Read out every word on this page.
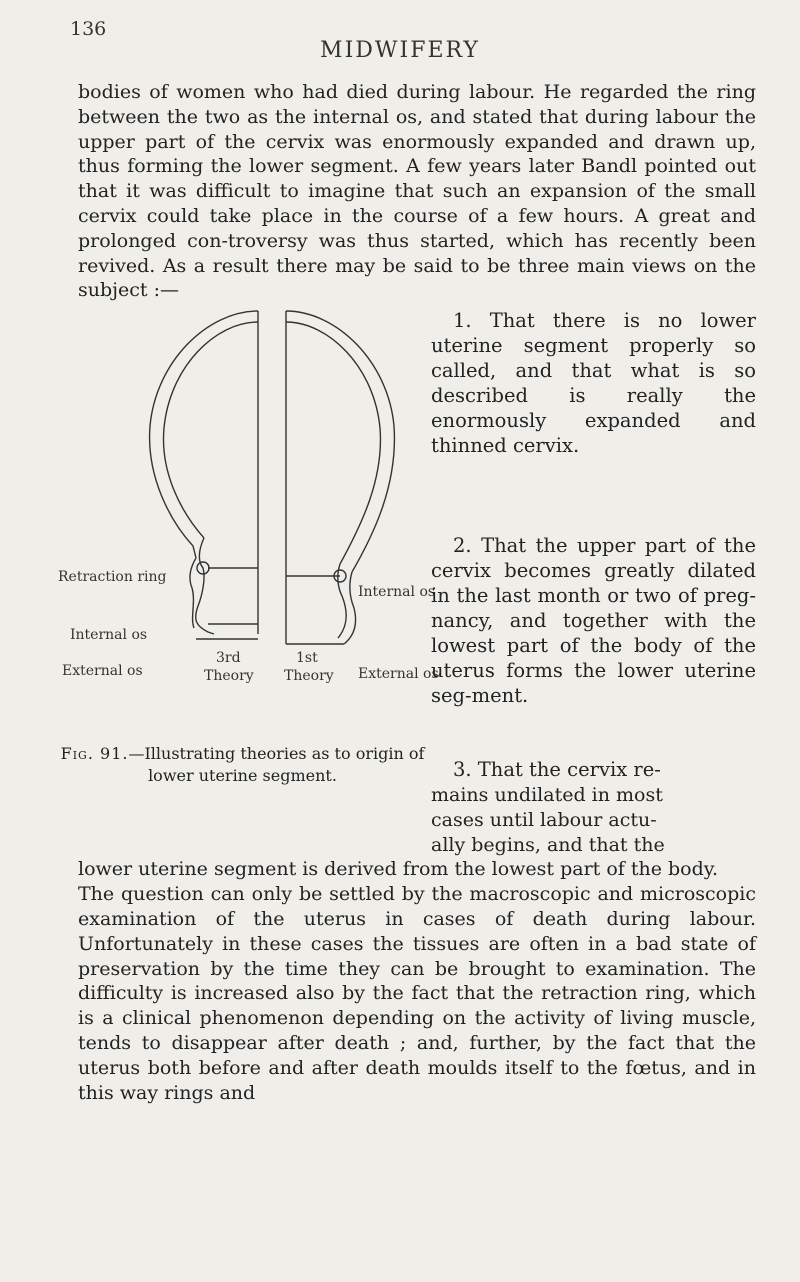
136
MIDWIFERY
bodies of women who had died during labour. He regarded the ring between the two as the internal os, and stated that during labour the upper part of the cervix was enormously expanded and drawn up, thus forming the lower segment. A few years later Bandl pointed out that it was difficult to imagine that such an expansion of the small cervix could take place in the course of a few hours. A great and prolonged con-troversy was thus started, which has recently been revived. As a result there may be said to be three main views on the subject :—
Retraction ring
Internal os
External os
Internal os
External os
3rd
Theory
1st
Theory
Fig. 91.—Illustrating theories as to origin of lower uterine segment.
1. That there is no lower uterine segment properly so called, and that what is so described is really the enormously expanded and thinned cervix.
2. That the upper part of the cervix becomes greatly dilated in the last month or two of preg-nancy, and together with the lowest part of the body of the uterus forms the lower uterine seg-ment.
3. That the cervix re-

mains undilated in most

cases until labour actu-

ally begins, and that the

lower uterine segment is derived from the lowest part of the body.

The question can only be settled by the macroscopic and microscopic examination of the uterus in cases of death during labour. Unfortunately in these cases the tissues are often in a bad state of preservation by the time they can be brought to examination. The difficulty is increased also by the fact that the retraction ring, which is a clinical phenomenon depending on the activity of living muscle, tends to disappear after death ; and, further, by the fact that the uterus both before and after death moulds itself to the fœtus, and in this way rings and
